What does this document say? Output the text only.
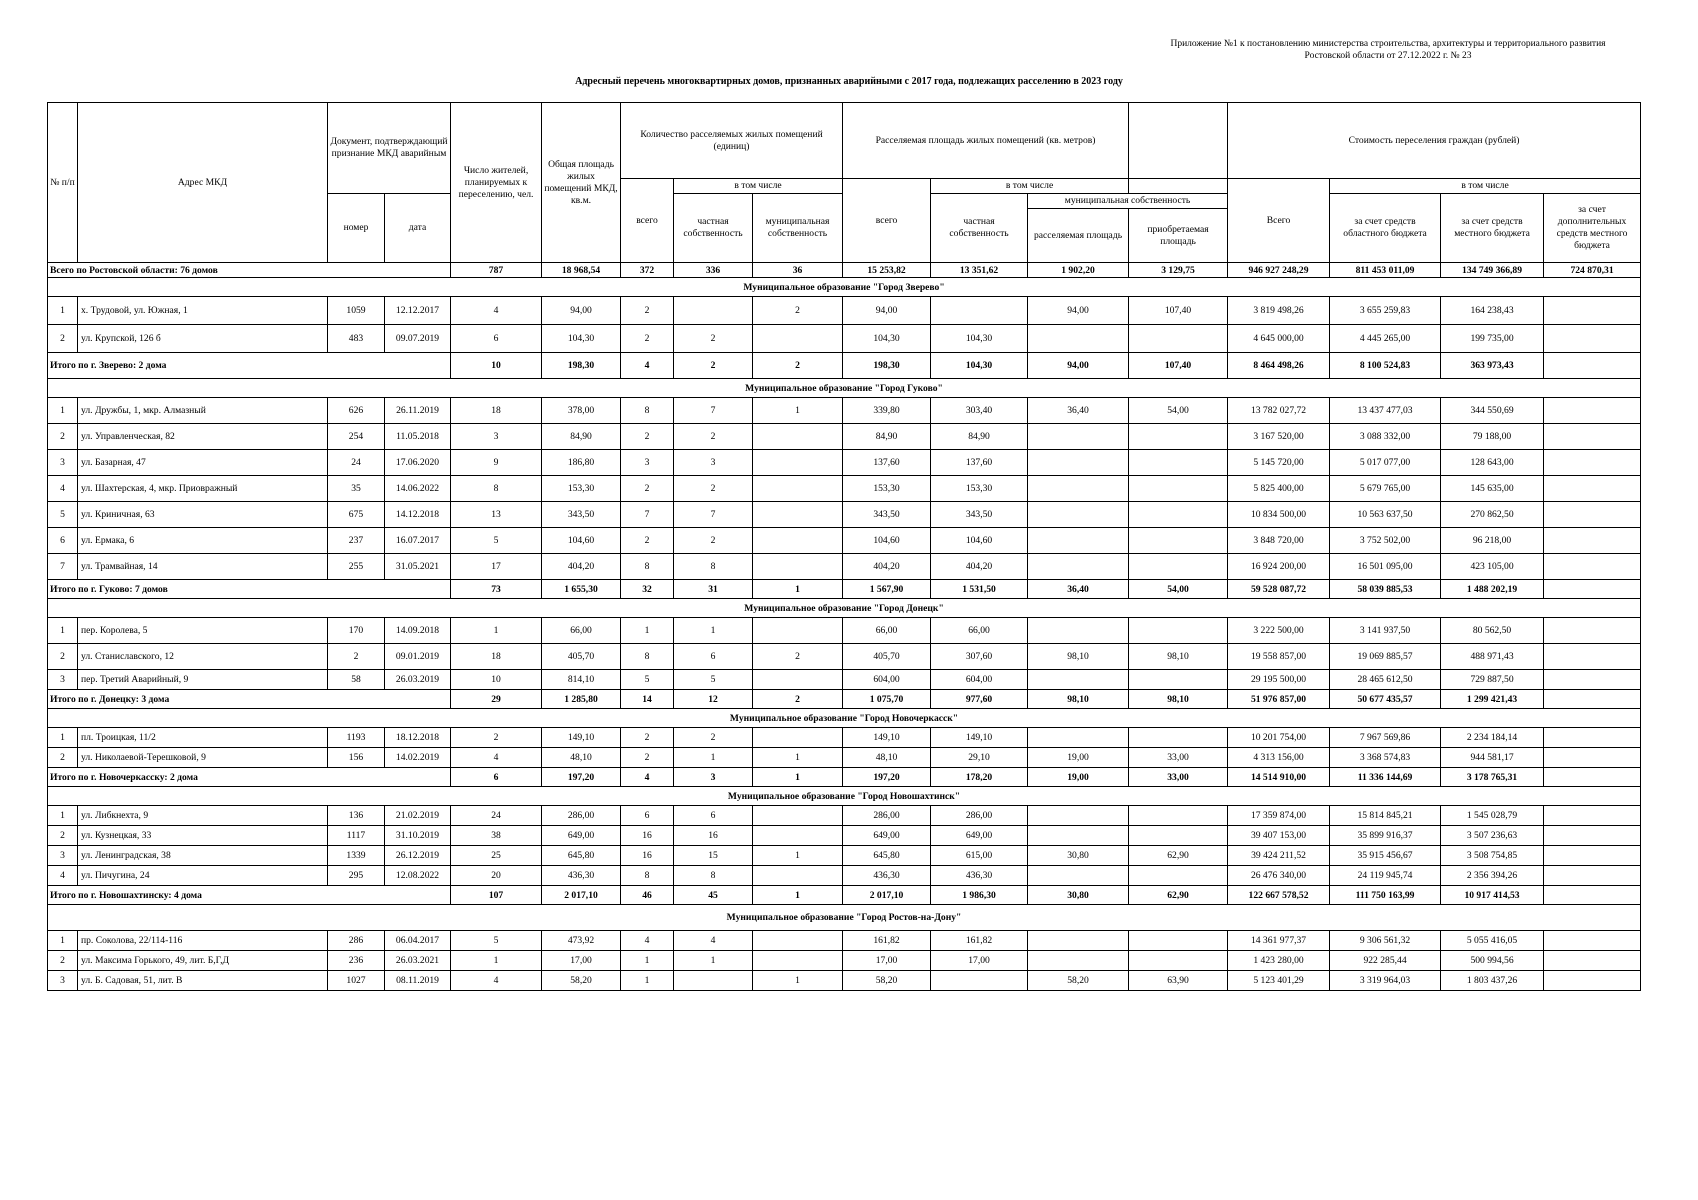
Приложение №1 к постановлению министерства строительства, архитектуры и территориального развития Ростовской области от 27.12.2022 г. № 23
Адресный перечень многоквартирных домов, признанных аварийными с 2017 года, подлежащих расселению в 2023 году
№ п/п	Адрес МКД	Документ, подтверждающий признание МКД аварийным		Число жителей, планируемых к переселению, чел.	Общая площадь жилых помещений МКД, кв.м.	Количество расселяемых жилых помещений (единиц)			Расселяемая площадь жилых помещений (кв. метров)				Стоимость переселения граждан (рублей)			
						всего	в том числе		всего	в том числе			Всего	в том числе		
		номер	дата				частная собственность	муниципальная собственность		частная собственность	муниципальная собственность			за счет средств областного бюджета	за счет средств местного бюджета	за счет дополнительных средств местного бюджета
											расселяемая площадь	приобретаемая площадь				
Всего по Ростовской области: 76 домов				787	18 968,54	372	336	36	15 253,82	13 351,62	1 902,20	3 129,75	946 927 248,29	811 453 011,09	134 749 366,89	724 870,31
Муниципальное образование "Город Зверево"																
1	х. Трудовой, ул. Южная, 1	1059	12.12.2017	4	94,00	2		2	94,00		94,00	107,40	3 819 498,26	3 655 259,83	164 238,43	
2	ул. Крупской, 126 б	483	09.07.2019	6	104,30	2	2		104,30	104,30			4 645 000,00	4 445 265,00	199 735,00	
Итого по г. Зверево: 2 дома				10	198,30	4	2	2	198,30	104,30	94,00	107,40	8 464 498,26	8 100 524,83	363 973,43	
Муниципальное образование "Город Гуково"																
1	ул. Дружбы, 1, мкр. Алмазный	626	26.11.2019	18	378,00	8	7	1	339,80	303,40	36,40	54,00	13 782 027,72	13 437 477,03	344 550,69	
2	ул. Управленческая, 82	254	11.05.2018	3	84,90	2	2		84,90	84,90			3 167 520,00	3 088 332,00	79 188,00	
3	ул. Базарная, 47	24	17.06.2020	9	186,80	3	3		137,60	137,60			5 145 720,00	5 017 077,00	128 643,00	
4	ул. Шахтерская, 4, мкр. Приовражный	35	14.06.2022	8	153,30	2	2		153,30	153,30			5 825 400,00	5 679 765,00	145 635,00	
5	ул. Криничная, 63	675	14.12.2018	13	343,50	7	7		343,50	343,50			10 834 500,00	10 563 637,50	270 862,50	
6	ул. Ермака, 6	237	16.07.2017	5	104,60	2	2		104,60	104,60			3 848 720,00	3 752 502,00	96 218,00	
7	ул. Трамвайная, 14	255	31.05.2021	17	404,20	8	8		404,20	404,20			16 924 200,00	16 501 095,00	423 105,00	
Итого по г. Гуково: 7 домов				73	1 655,30	32	31	1	1 567,90	1 531,50	36,40	54,00	59 528 087,72	58 039 885,53	1 488 202,19	
Муниципальное образование "Город Донецк"																
1	пер. Королева, 5	170	14.09.2018	1	66,00	1	1		66,00	66,00			3 222 500,00	3 141 937,50	80 562,50	
2	ул. Станиславского, 12	2	09.01.2019	18	405,70	8	6	2	405,70	307,60	98,10	98,10	19 558 857,00	19 069 885,57	488 971,43	
3	пер. Третий Аварийный, 9	58	26.03.2019	10	814,10	5	5		604,00	604,00			29 195 500,00	28 465 612,50	729 887,50	
Итого по г. Донецку: 3 дома				29	1 285,80	14	12	2	1 075,70	977,60	98,10	98,10	51 976 857,00	50 677 435,57	1 299 421,43	
Муниципальное образование "Город Новочеркасск"																
1	пл. Троицкая, 11/2	1193	18.12.2018	2	149,10	2	2		149,10	149,10			10 201 754,00	7 967 569,86	2 234 184,14	
2	ул. Николаевой-Терешковой, 9	156	14.02.2019	4	48,10	2	1	1	48,10	29,10	19,00	33,00	4 313 156,00	3 368 574,83	944 581,17	
Итого по г. Новочеркасску: 2 дома				6	197,20	4	3	1	197,20	178,20	19,00	33,00	14 514 910,00	11 336 144,69	3 178 765,31	
Муниципальное образование "Город Новошахтинск"																
1	ул. Либкнехта, 9	136	21.02.2019	24	286,00	6	6		286,00	286,00			17 359 874,00	15 814 845,21	1 545 028,79	
2	ул. Кузнецкая, 33	1117	31.10.2019	38	649,00	16	16		649,00	649,00			39 407 153,00	35 899 916,37	3 507 236,63	
3	ул. Ленинградская, 38	1339	26.12.2019	25	645,80	16	15	1	645,80	615,00	30,80	62,90	39 424 211,52	35 915 456,67	3 508 754,85	
4	ул. Пичугина, 24	295	12.08.2022	20	436,30	8	8		436,30	436,30			26 476 340,00	24 119 945,74	2 356 394,26	
Итого по г. Новошахтинску: 4 дома				107	2 017,10	46	45	1	2 017,10	1 986,30	30,80	62,90	122 667 578,52	111 750 163,99	10 917 414,53	
Муниципальное образование "Город Ростов-на-Дону"																
1	пр. Соколова, 22/114-116	286	06.04.2017	5	473,92	4	4		161,82	161,82			14 361 977,37	9 306 561,32	5 055 416,05	
2	ул. Максима Горького, 49, лит. Б,Г,Д	236	26.03.2021	1	17,00	1	1		17,00	17,00			1 423 280,00	922 285,44	500 994,56	
3	ул. Б. Садовая, 51, лит. В	1027	08.11.2019	4	58,20	1		1	58,20		58,20	63,90	5 123 401,29	3 319 964,03	1 803 437,26	
